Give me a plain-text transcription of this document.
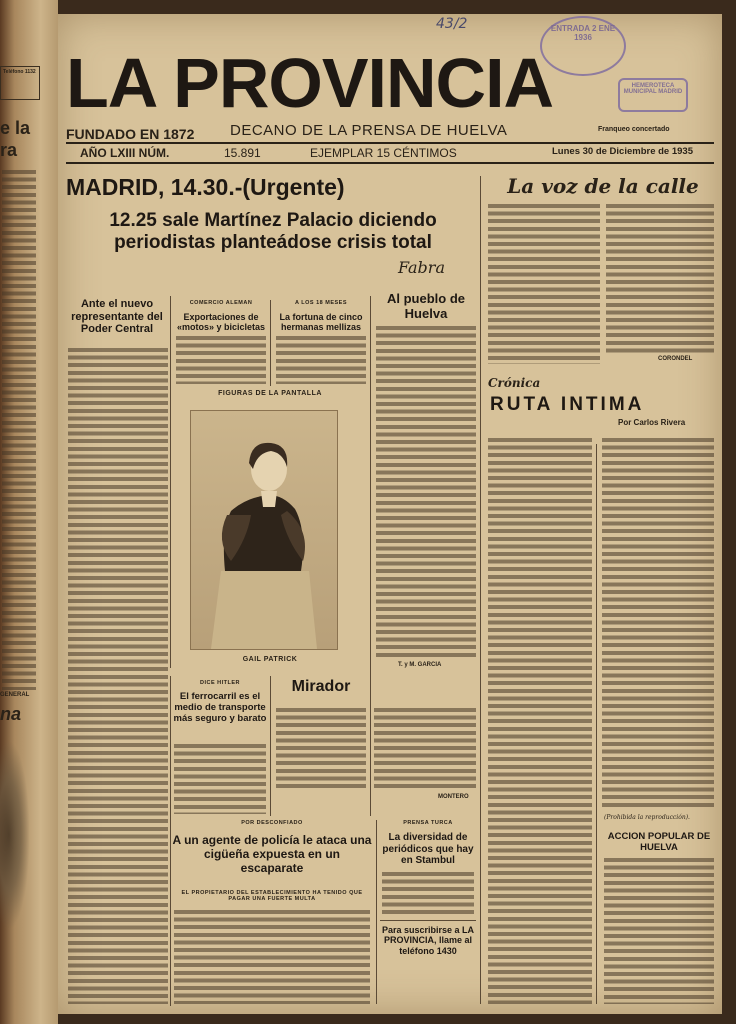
Teléfono 1132
e la
ra
GENERAL
na
43/2	ENTRADA 2 ENE 1936
LA PROVINCIA	HEMEROTECA MUNICIPAL MADRID
FUNDADO EN 1872 DECANO DE LA PRENSA DE HUELVA	Franqueo concertado
AÑO LXIII NÚM.	15.891	EJEMPLAR 15 CÉNTIMOS	Lunes 30 de Diciembre de 1935
MADRID, 14.30.-(Urgente)
12.25 sale Martínez Palacio diciendo periodistas planteádose crisis total
Fabra
Ante el nuevo representante del Poder Central
COMERCIO ALEMAN
Exportaciones de «motos» y bicicletas
A LOS 18 MESES
La fortuna de cinco hermanas mellizas
FIGURAS DE LA PANTALLA
GAIL PATRICK
Al pueblo de Huelva
T. y M. GARCIA
La voz de la calle
CORONDEL
Crónica
RUTA INTIMA
Por Carlos Rivera
(Prohibida la reproducción).
ACCION POPULAR DE HUELVA
DICE HITLER
El ferrocarril es el medio de transporte más seguro y barato
Mirador
MONTERO
POR DESCONFIADO
A un agente de policía le ataca una cigüeña expuesta en un escaparate
EL PROPIETARIO DEL ESTABLECIMIENTO HA TENIDO QUE PAGAR UNA FUERTE MULTA
PRENSA TURCA
La diversidad de periódicos que hay en Stambul
Para suscribirse a LA PROVINCIA, llame al teléfono 1430
